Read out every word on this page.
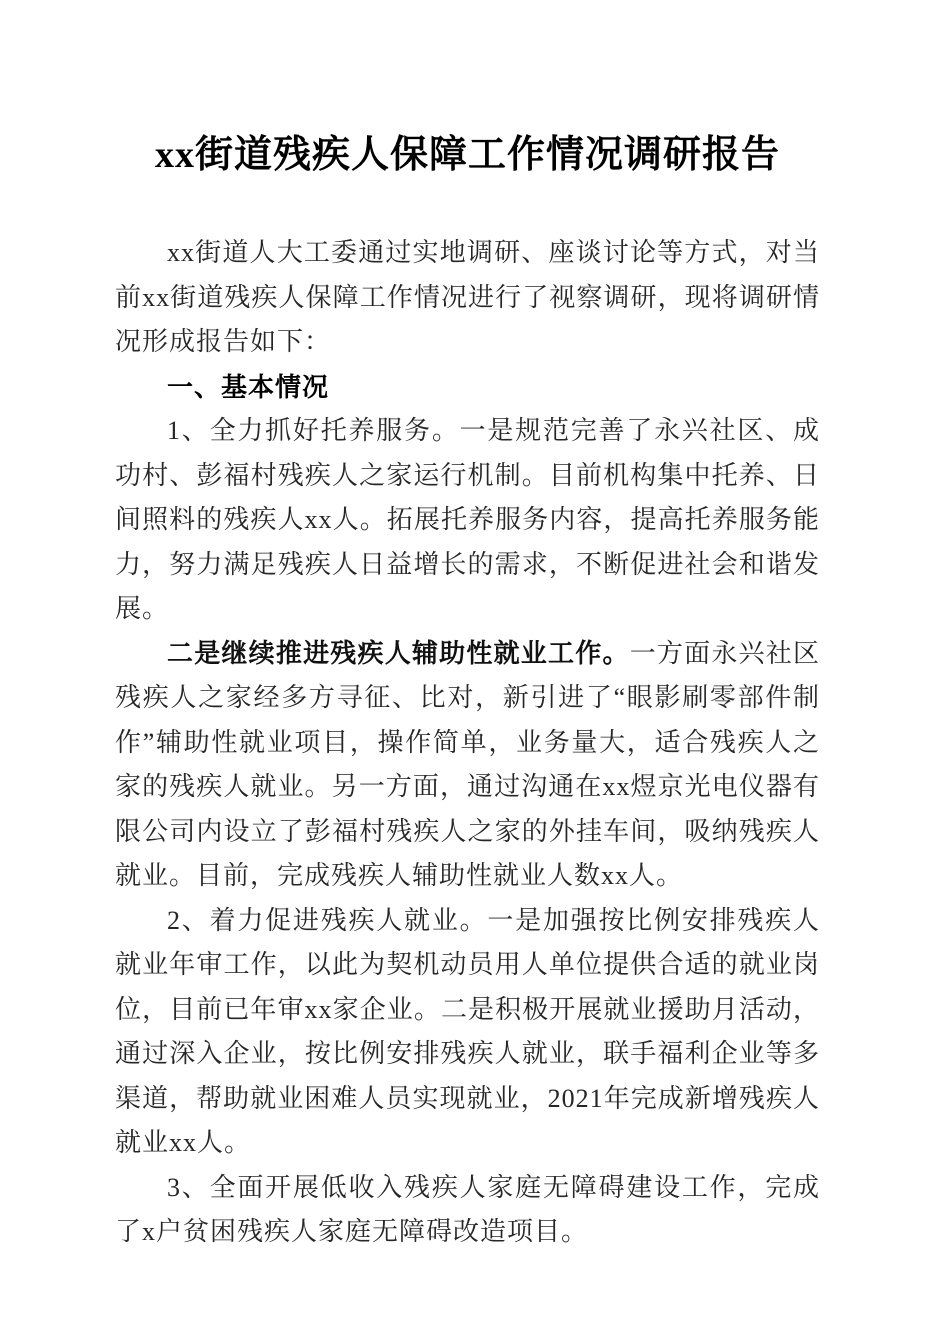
xx街道残疾人保障工作情况调研报告

xx街道人大工委通过实地调研、座谈讨论等方式，对当前xx街道残疾人保障工作情况进行了视察调研，现将调研情况形成报告如下：

一、基本情况

1、全力抓好托养服务。一是规范完善了永兴社区、成功村、彭福村残疾人之家运行机制。目前机构集中托养、日间照料的残疾人xx人。拓展托养服务内容，提高托养服务能力，努力满足残疾人日益增长的需求，不断促进社会和谐发展。

二是继续推进残疾人辅助性就业工作。一方面永兴社区残疾人之家经多方寻征、比对，新引进了“眼影刷零部件制作”辅助性就业项目，操作简单，业务量大，适合残疾人之家的残疾人就业。另一方面，通过沟通在xx煜京光电仪器有限公司内设立了彭福村残疾人之家的外挂车间，吸纳残疾人就业。目前，完成残疾人辅助性就业人数xx人。

2、着力促进残疾人就业。一是加强按比例安排残疾人就业年审工作，以此为契机动员用人单位提供合适的就业岗位，目前已年审xx家企业。二是积极开展就业援助月活动，通过深入企业，按比例安排残疾人就业，联手福利企业等多渠道，帮助就业困难人员实现就业，2021年完成新增残疾人就业xx人。

3、全面开展低收入残疾人家庭无障碍建设工作，完成了x户贫困残疾人家庭无障碍改造项目。
